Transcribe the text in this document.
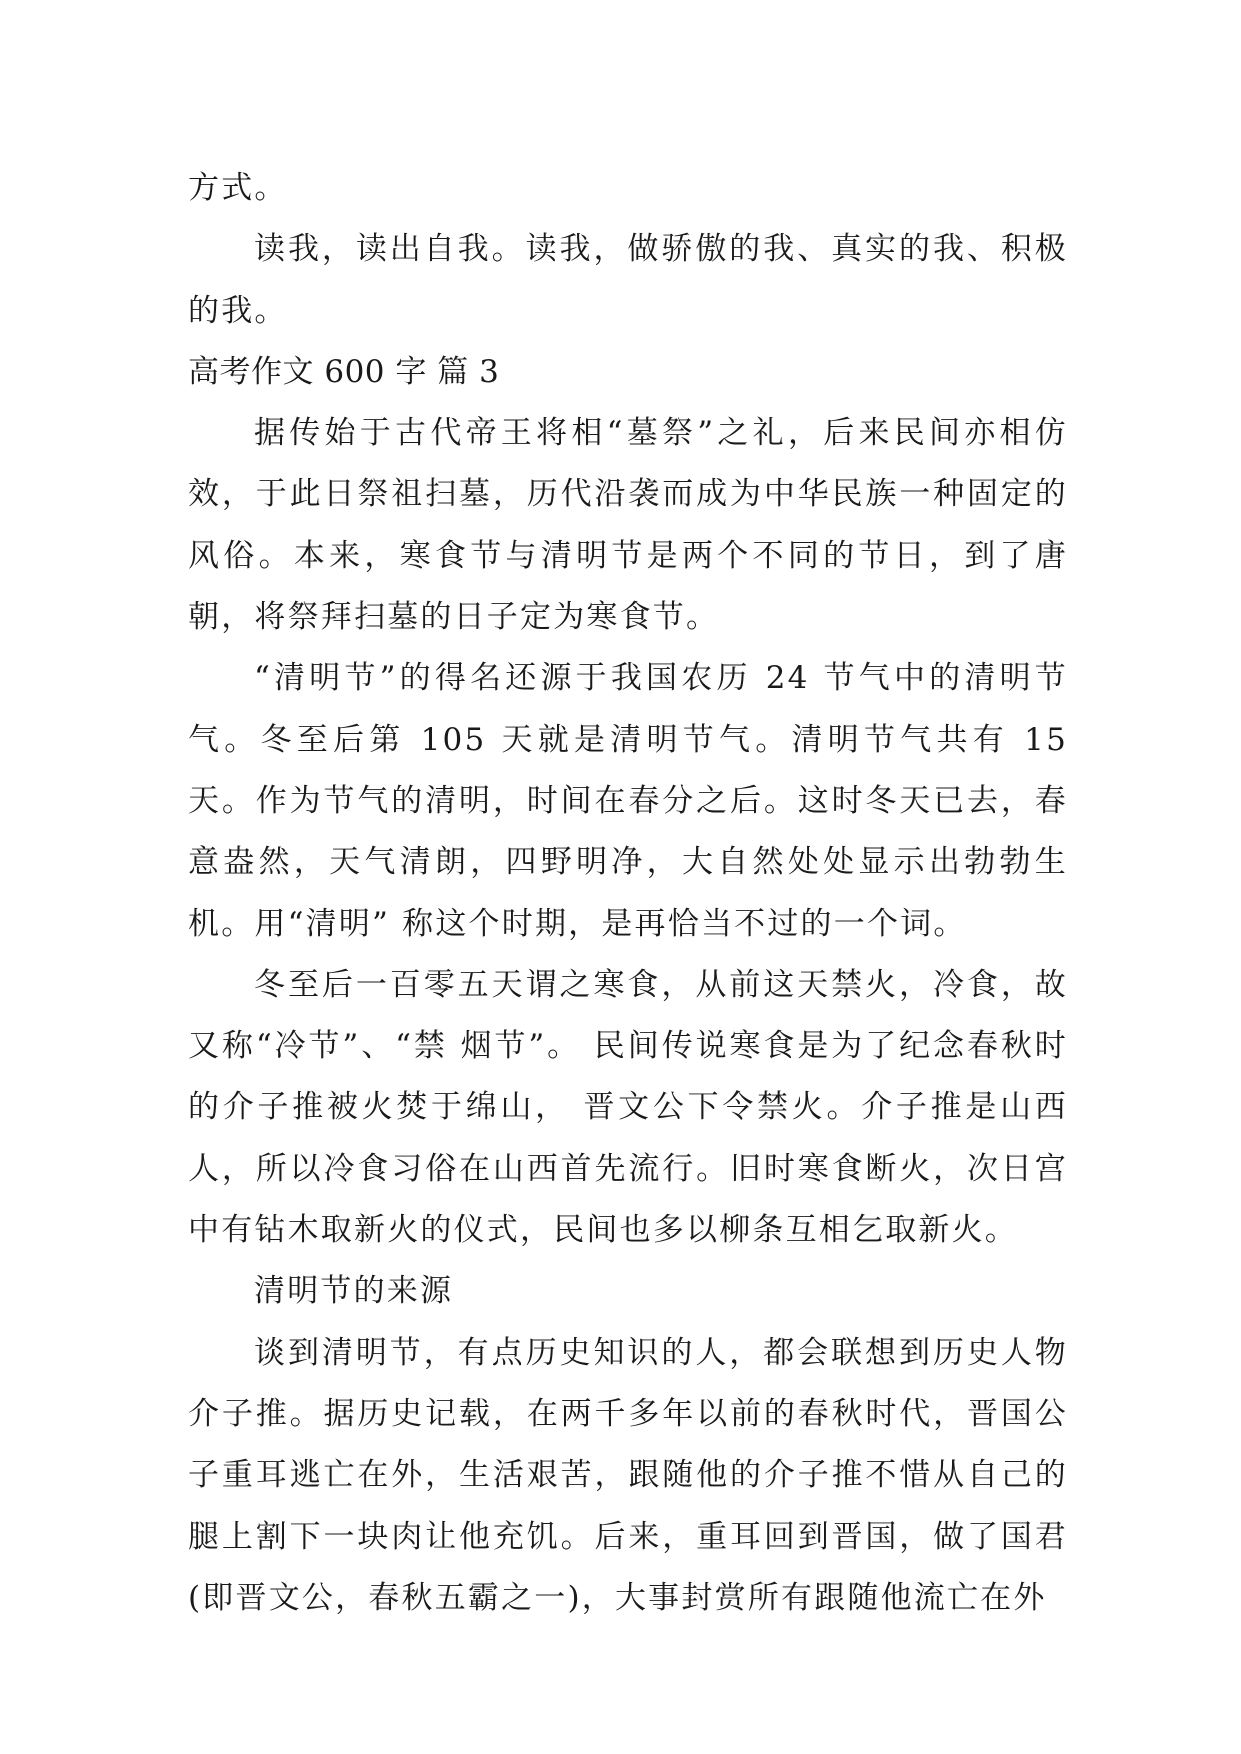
方式。

读我，读出自我。读我，做骄傲的我、真实的我、积极的我。

高考作文 600 字 篇 3

据传始于古代帝王将相“墓祭”之礼，后来民间亦相仿效，于此日祭祖扫墓，历代沿袭而成为中华民族一种固定的风俗。本来，寒食节与清明节是两个不同的节日，到了唐朝，将祭拜扫墓的日子定为寒食节。

“清明节”的得名还源于我国农历 24 节气中的清明节气。冬至后第 105 天就是清明节气。清明节气共有 15 天。作为节气的清明，时间在春分之后。这时冬天已去，春意盎然，天气清朗，四野明净，大自然处处显示出勃勃生机。用“清明” 称这个时期，是再恰当不过的一个词。

冬至后一百零五天谓之寒食，从前这天禁火，冷食，故又称“冷节”、“禁 烟节”。 民间传说寒食是为了纪念春秋时的介子推被火焚于绵山， 晋文公下令禁火。介子推是山西人，所以冷食习俗在山西首先流行。旧时寒食断火，次日宫中有钻木取新火的仪式，民间也多以柳条互相乞取新火。

清明节的来源

谈到清明节，有点历史知识的人，都会联想到历史人物介子推。据历史记载，在两千多年以前的春秋时代，晋国公子重耳逃亡在外，生活艰苦，跟随他的介子推不惜从自己的腿上割下一块肉让他充饥。后来，重耳回到晋国，做了国君(即晋文公，春秋五霸之一)，大事封赏所有跟随他流亡在外
